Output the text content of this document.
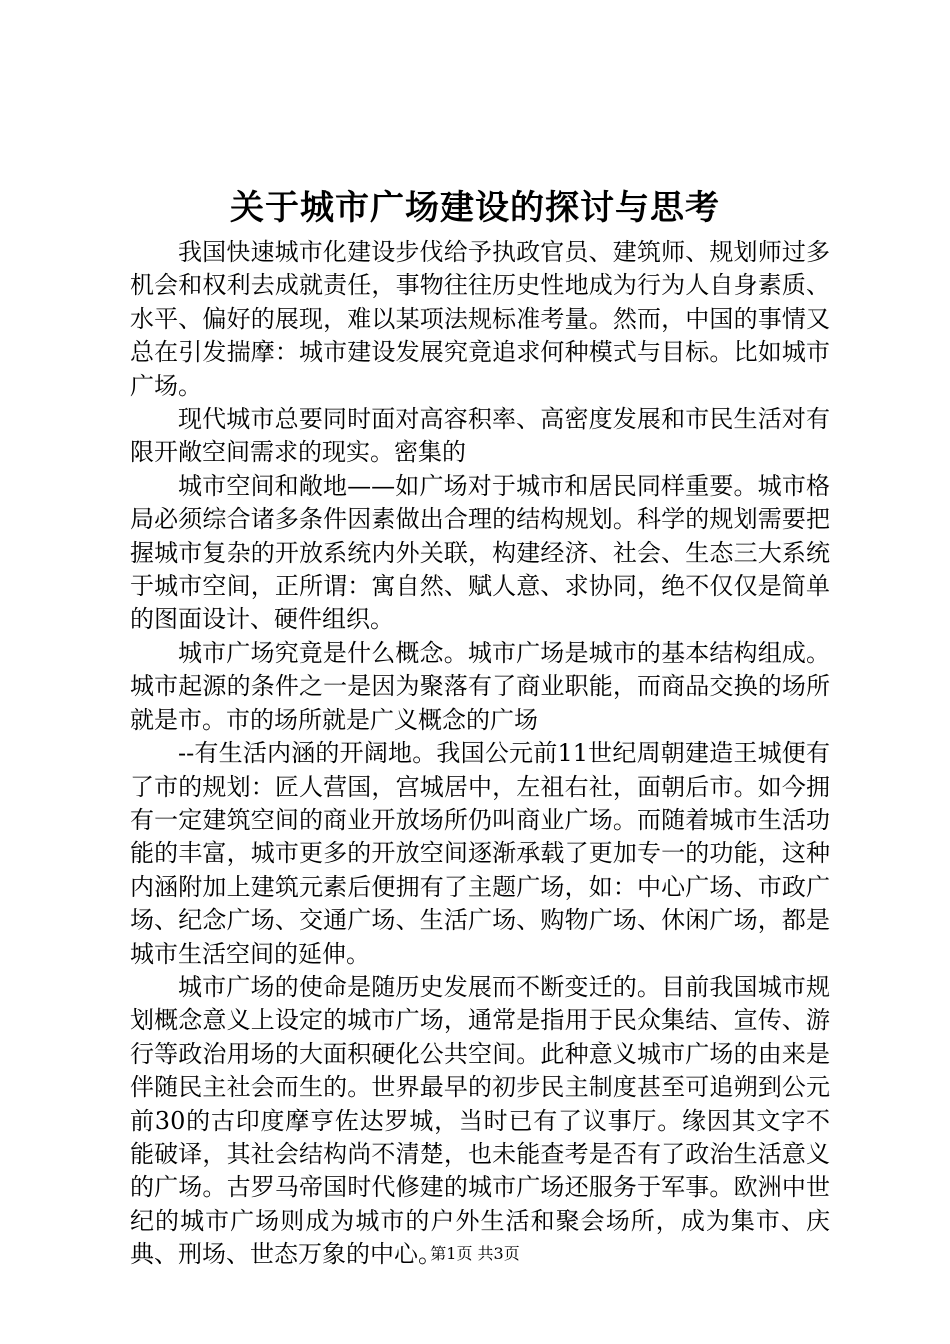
关于城市广场建设的探讨与思考

我国快速城市化建设步伐给予执政官员、建筑师、规划师过多机会和权利去成就责任，事物往往历史性地成为行为人自身素质、水平、偏好的展现，难以某项法规标准考量。然而，中国的事情又总在引发揣摩：城市建设发展究竟追求何种模式与目标。比如城市广场。

现代城市总要同时面对高容积率、高密度发展和市民生活对有限开敞空间需求的现实。密集的

城市空间和敞地——如广场对于城市和居民同样重要。城市格局必须综合诸多条件因素做出合理的结构规划。科学的规划需要把握城市复杂的开放系统内外关联，构建经济、社会、生态三大系统于城市空间，正所谓：寓自然、赋人意、求协同，绝不仅仅是简单的图面设计、硬件组织。

城市广场究竟是什么概念。城市广场是城市的基本结构组成。城市起源的条件之一是因为聚落有了商业职能，而商品交换的场所就是市。市的场所就是广义概念的广场

--有生活内涵的开阔地。我国公元前11世纪周朝建造王城便有了市的规划：匠人营国，宫城居中，左祖右社，面朝后市。如今拥有一定建筑空间的商业开放场所仍叫商业广场。而随着城市生活功能的丰富，城市更多的开放空间逐渐承载了更加专一的功能，这种内涵附加上建筑元素后便拥有了主题广场，如：中心广场、市政广场、纪念广场、交通广场、生活广场、购物广场、休闲广场，都是城市生活空间的延伸。

城市广场的使命是随历史发展而不断变迁的。目前我国城市规划概念意义上设定的城市广场，通常是指用于民众集结、宣传、游行等政治用场的大面积硬化公共空间。此种意义城市广场的由来是伴随民主社会而生的。世界最早的初步民主制度甚至可追朔到公元前30的古印度摩亨佐达罗城，当时已有了议事厅。缘因其文字不能破译，其社会结构尚不清楚，也未能查考是否有了政治生活意义的广场。古罗马帝国时代修建的城市广场还服务于军事。欧洲中世纪的城市广场则成为城市的户外生活和聚会场所，成为集市、庆典、刑场、世态万象的中心。

第1页 共3页
